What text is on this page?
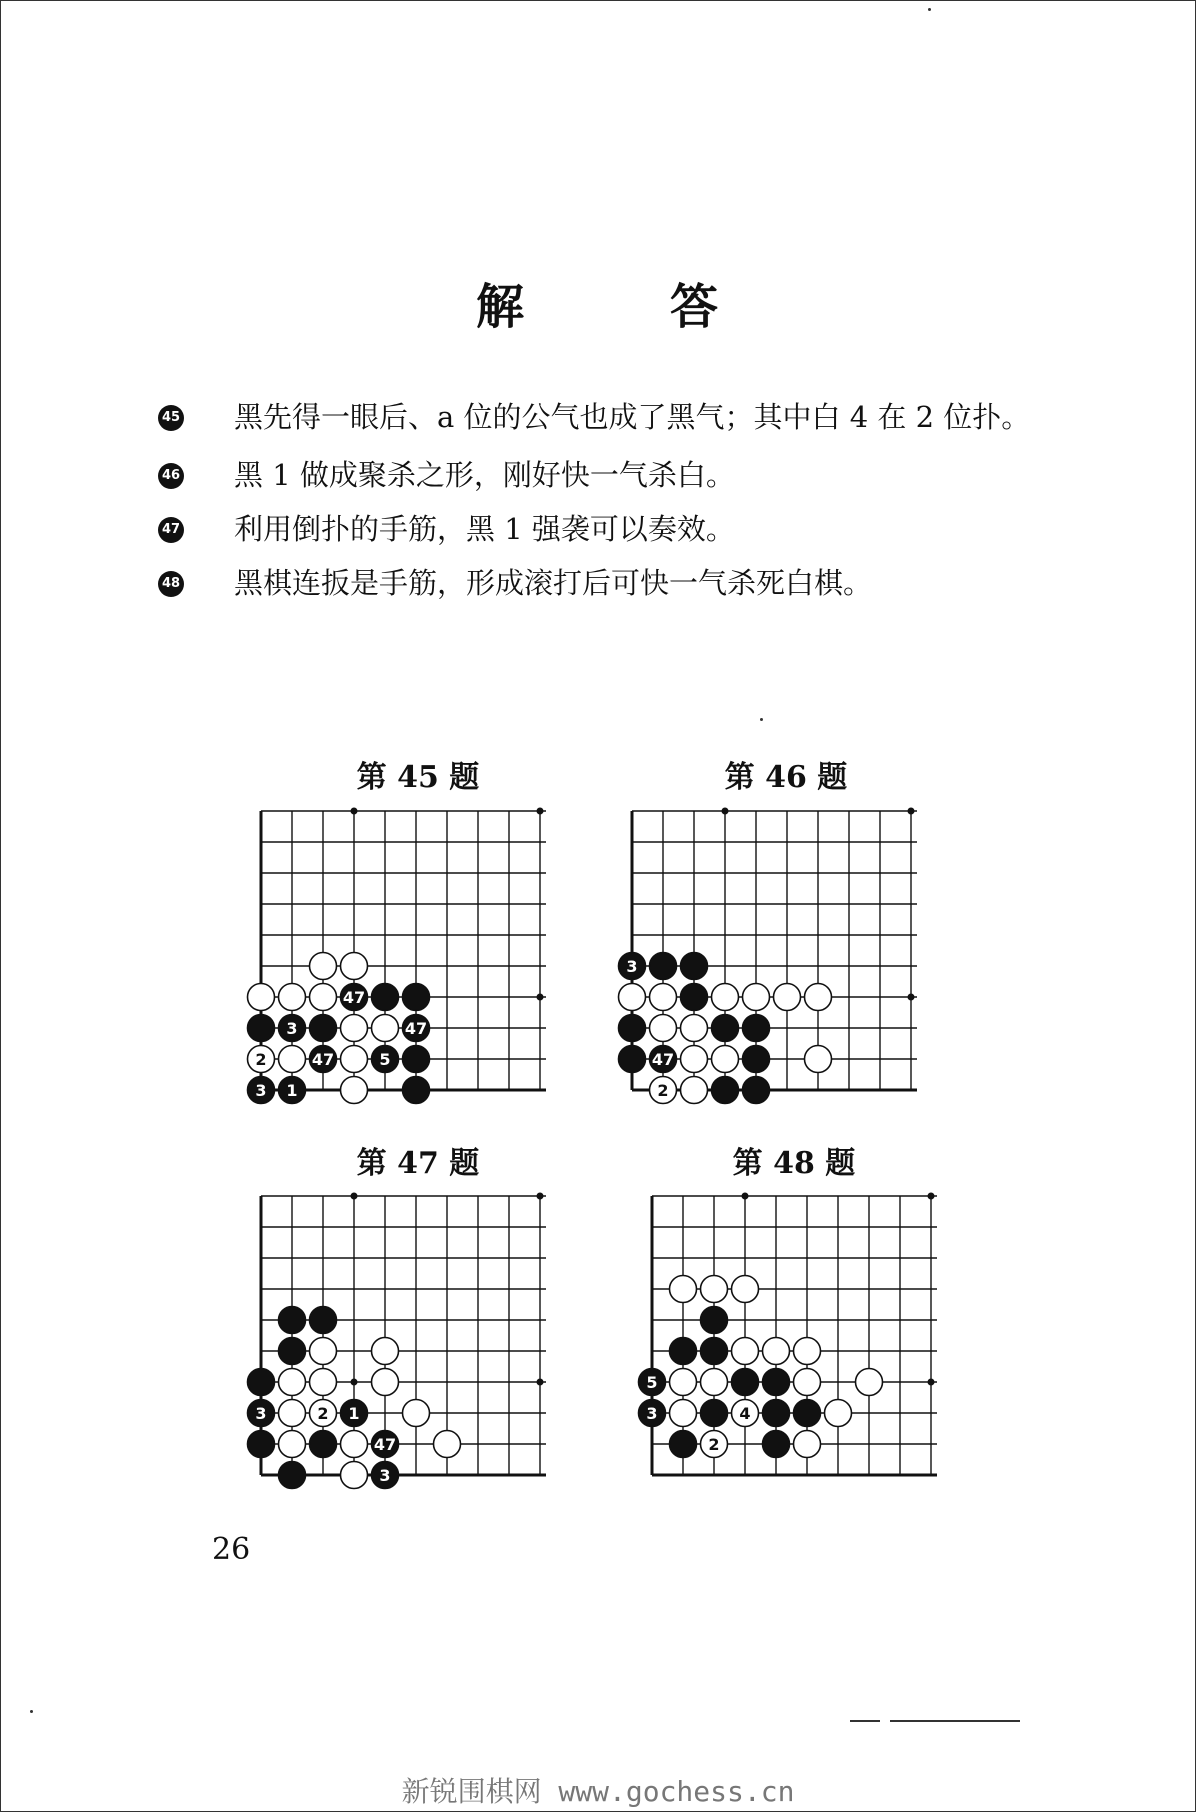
解	答
45 黑先得一眼后、a 位的公气也成了黑气；其中白 4 在 2 位扑。
46 黑 1 做成聚杀之形，刚好快一气杀白。
47 利用倒扑的手筋，黑 1 强袭可以奏效。
48 黑棋连扳是手筋，形成滚打后可快一气杀死白棋。
第 45 题	第 46 题
第 47 题	第 48 题
47
3	47
2	47	5
3 1
3
47
2
3	2 1
47
3
5
3	4
2
26
新锐围棋网 www.gochess.cn
